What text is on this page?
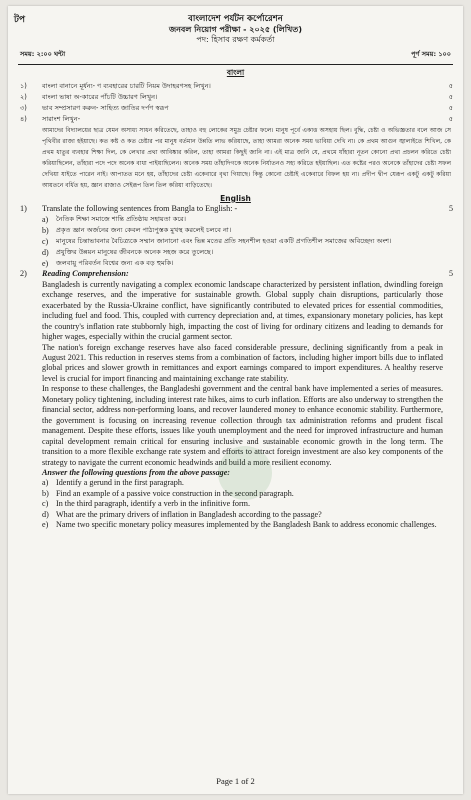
টপ	বাংলাদেশ পর্যটন কর্পোরেশন
জনবল নিয়োগ পরীক্ষা - ২০২৫ (লিখিত)
পদ: হিসাব রক্ষণ কর্মকর্তা
সময়: ২:০০ ঘন্টা	পূর্ণ সময়: ১০০
বাংলা
১)	বাংলা বানানে মূর্ধন্য- ণ ব্যবহারের চারটি নিয়ম উদাহরণসহ লিখুন।	৫
২)	বাংলা ভাষা অ-কারের পাঁচটি উচ্চারণ লিখুন।	৫
৩)	ভাব সম্প্রসারণ করুন- সাহিত্য জাতির দর্পণ স্বরূপ	৫
৪)	সারাংশ লিখুন-	৫
আমাদের বিদ্যালয়ের ছাত্র যেমন অসাধ্য সাধন করিতেছে, তাহাও বহু লোকের সমুদ্র চেষ্টার ফলে। মানুষ পূর্বে একাত্ত অসহায় ছিল। বুদ্ধি, চেষ্টা ও অভিজ্ঞতার বলে আজ সে পৃথিবীর রাজা হইয়াছে। কত কষ্ট ও কত চেষ্টার পর মানুষ বর্তমান উন্নতি লাভ করিয়াছে, তাহা আমরা অনেক সময় ভাবিয়া দেখি না। কে প্রথম আগুন জ্বালাইতে শিখিল, কে প্রথম ধাতুর ব্যবহার শিক্ষা দিল, কে লেখার প্রথা আবিষ্কার করিল, তাহা আমরা কিছুই জানি না। এই মাত্র জানি যে, প্রথমে যাঁহারা নূতন কোনো প্রথা প্রচলন করিতে চেষ্টা করিয়াছিলেন, তাঁহারা পদে পদে অনেক বাধা পাইয়াছিলেন। অনেক সময় তাঁহাদিগকে অনেক নির্যাতনও সহ্য করিতে হইয়াছিল। এত কষ্টের পরও অনেকে তাঁহাদের চেষ্টা সফল দেখিয়া যাইতে পারেন নাই। আপাতত মনে হয়, তাঁহাদের চেষ্টা একেবারে বৃথা গিয়াছে। কিন্তু কোনো চেষ্টাই একেবারে বিফল হয় না। প্রদীপ দ্বীপ যেরূপ একটু একটু করিয়া আয়তনে বর্ধিত হয়, জ্ঞান রাজ্যও সেইরূপ তিল তিল করিয়া বাড়িতেছে।
English
1)	Translate the following sentences from Bangla to English: -	5
a)	নৈতিক শিক্ষা সমাজে শান্তি প্রতিষ্ঠায় সহায়তা করে।
b)	প্রকৃত জ্ঞান অর্জনের জন্য কেবল পাঠ্যপুস্তক মুখস্থ করলেই চলবে না।
c)	মানুষের চিন্তাভাবনার বৈচিত্র্যকে সম্মান জানানো এবং ভিন্ন মতের প্রতি সহনশীল হওয়া একটি প্রগতিশীল সমাজের অবিচ্ছেদ্য অংশ।
d)	প্রযুক্তির উন্নয়ন মানুষের জীবনকে অনেক সহজ করে তুলেছে।
e)	জলবায়ু পরিবর্তন বিশ্বের জন্য এক বড় হুমকি।
2)	Reading Comprehension:	5

Bangladesh is currently navigating a complex economic landscape characterized by persistent inflation, dwindling foreign exchange reserves, and the imperative for sustainable growth. Global supply chain disruptions, particularly those exacerbated by the Russia-Ukraine conflict, have significantly contributed to elevated prices for essential commodities, including fuel and food. This, coupled with currency depreciation and, at times, expansionary monetary policies, has kept the country's inflation rate stubbornly high, impacting the cost of living for ordinary citizens and leading to demands for higher wages, especially within the crucial garment sector.

The nation's foreign exchange reserves have also faced considerable pressure, declining significantly from a peak in August 2021. This reduction in reserves stems from a combination of factors, including higher import bills due to inflated global prices and slower growth in remittances and export earnings compared to import expenditures. A healthy reserve level is crucial for import financing and maintaining exchange rate stability.

In response to these challenges, the Bangladeshi government and the central bank have implemented a series of measures. Monetary policy tightening, including interest rate hikes, aims to curb inflation. Efforts are also underway to strengthen the financial sector, address non-performing loans, and recover laundered money to enhance economic stability. Furthermore, the government is focusing on increasing revenue collection through tax administration reforms and prudent fiscal management. Despite these efforts, issues like youth unemployment and the need for improved infrastructure and human capital development remain critical for ensuring inclusive and sustainable economic growth in the long term. The transition to a more flexible exchange rate system and efforts to attract foreign investment are also key components of the strategy to navigate the current economic headwinds and build a more resilient economy.

Answer the following questions from the above passage:

a) Identify a gerund in the first paragraph.
b) Find an example of a passive voice construction in the second paragraph.
c) In the third paragraph, identify a verb in the infinitive form.
d) What are the primary drivers of inflation in Bangladesh according to the passage?
e) Name two specific monetary policy measures implemented by the Bangladesh Bank to address economic challenges.
Page 1 of 2
